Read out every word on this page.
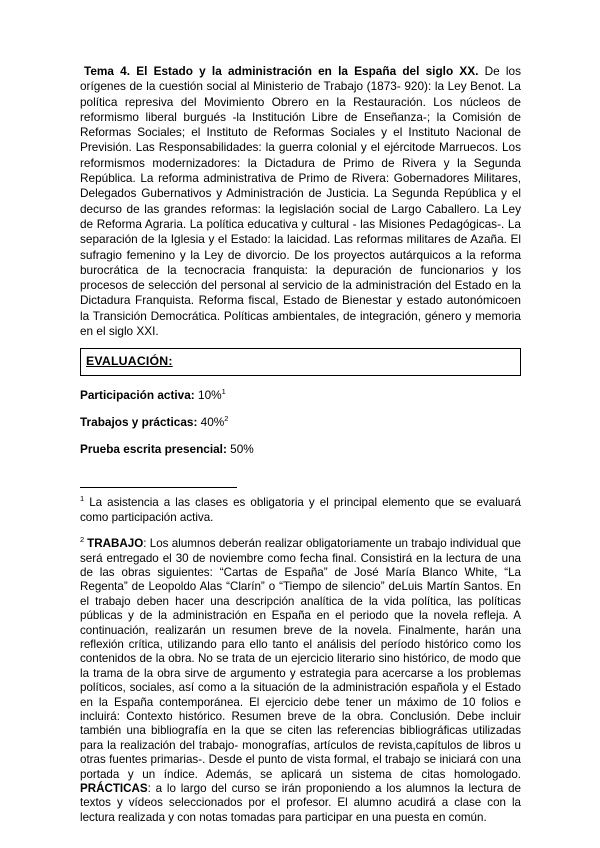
Tema 4. El Estado y la administración en la España del siglo XX. De los orígenes de la cuestión social al Ministerio de Trabajo (1873- 920): la Ley Benot. La política represiva del Movimiento Obrero en la Restauración. Los núcleos de reformismo liberal burgués -la Institución Libre de Enseñanza-; la Comisión de Reformas Sociales; el Instituto de Reformas Sociales y el Instituto Nacional de Previsión. Las Responsabilidades: la guerra colonial y el ejércitode Marruecos. Los reformismos modernizadores: la Dictadura de Primo de Rivera y la Segunda República. La reforma administrativa de Primo de Rivera: Gobernadores Militares, Delegados Gubernativos y Administración de Justicia. La Segunda República y el decurso de las grandes reformas: la legislación social de Largo Caballero. La Ley de Reforma Agraria. La política educativa y cultural - las Misiones Pedagógicas-. La separación de la Iglesia y el Estado: la laicidad. Las reformas militares de Azaña. El sufragio femenino y la Ley de divorcio. De los proyectos autárquicos a la reforma burocrática de la tecnocracia franquista: la depuración de funcionarios y los procesos de selección del personal al servicio de la administración del Estado en la Dictadura Franquista. Reforma fiscal, Estado de Bienestar y estado autonómicoen la Transición Democrática. Políticas ambientales, de integración, género y memoria en el siglo XXI.

EVALUACIÓN:

Participación activa: 10%$^1$

Trabajos y prácticas: 40%$^2$

Prueba escrita presencial: 50%

$^1$ La asistencia a las clases es obligatoria y el principal elemento que se evaluará como participación activa.

$^2$ TRABAJO: Los alumnos deberán realizar obligatoriamente un trabajo individual que será entregado el 30 de noviembre como fecha final. Consistirá en la lectura de una de las obras siguientes: “Cartas de España” de José María Blanco White, “La Regenta” de Leopoldo Alas “Clarín” o “Tiempo de silencio” deLuis Martín Santos. En el trabajo deben hacer una descripción analítica de la vida política, las políticas públicas y de la administración en España en el periodo que la novela refleja. A continuación, realizarán un resumen breve de la novela. Finalmente, harán una reflexión crítica, utilizando para ello tanto el análisis del período histórico como los contenidos de la obra. No se trata de un ejercicio literario sino histórico, de modo que la trama de la obra sirve de argumento y estrategia para acercarse a los problemas políticos, sociales, así como a la situación de la administración española y el Estado en la España contemporánea. El ejercicio debe tener un máximo de 10 folios e incluirá: Contexto histórico. Resumen breve de la obra. Conclusión. Debe incluir también una bibliografía en la que se citen las referencias bibliográficas utilizadas para la realización del trabajo- monografías, artículos de revista,capítulos de libros u otras fuentes primarias-. Desde el punto de vista formal, el trabajo se iniciará con una portada y un índice. Además, se aplicará un sistema de citas homologado. PRÁCTICAS: a lo largo del curso se irán proponiendo a los alumnos la lectura de textos y vídeos seleccionados por el profesor. El alumno acudirá a clase con la lectura realizada y con notas tomadas para participar en una puesta en común.
